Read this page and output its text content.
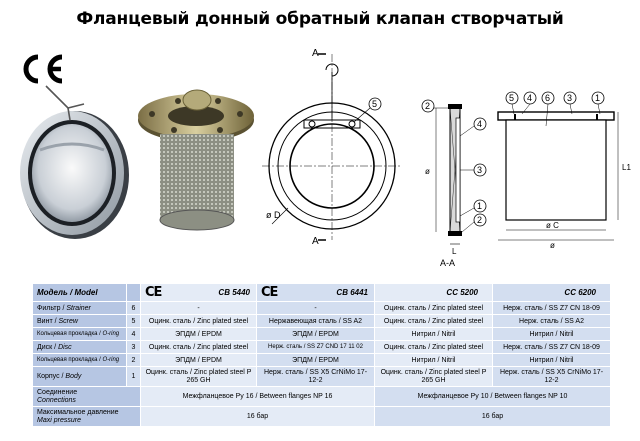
Фланцевый донный обратный клапан створчатый
A
A
5
ø D
ø
L
A-A
2
4
3
1
2
L1
ø C
ø
5 4 6 3	1
Модель / Model		CE CB 5440	CE CB 6441	CC 5200	CC 6200
Фильтр / Strainer	6	-	-	Оцинк. сталь / Zinc plated steel	Нерж. сталь / SS Z7 CN 18-09
Винт / Screw	5	Оцинк. сталь / Zinc plated steel	Нержавеющая сталь / SS A2	Оцинк. сталь / Zinc plated steel	Нерж. сталь / SS A2
Кольцевая прокладка / O-ring	4	ЭПДМ / EPDM	ЭПДМ / EPDM	Нитрил / Nitril	Нитрил / Nitril
Диск / Disc	3	Оцинк. сталь / Zinc plated steel	Нерж. сталь / SS Z7 CND 17 11 02	Оцинк. сталь / Zinc plated steel	Нерж. сталь / SS Z7 CN 18-09
Кольцевая прокладка / O-ring	2	ЭПДМ / EPDM	ЭПДМ / EPDM	Нитрил / Nitril	Нитрил / Nitril
Корпус / Body	1	Оцинк. сталь / Zinc plated steel P 265 GH	Нерж. сталь / SS X5 CrNiMo 17-12-2	Оцинк. сталь / Zinc plated steel P 265 GH	Нерж. сталь / SS X5 CrNiMo 17-12-2
Соединение
Connections		Межфланцевое Ру 16 / Between flanges NP 16		Межфланцевое Ру 10 / Between flanges NP 10	
Максимальное давление
Maxi pressure		16 бар		16 бар	
